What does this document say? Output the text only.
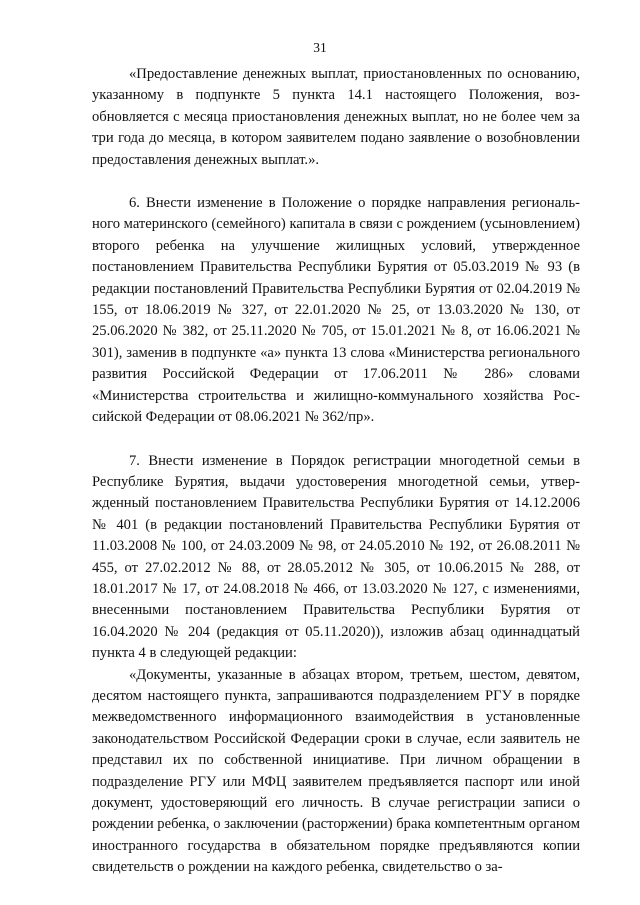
31

«Предоставление денежных выплат, приостановленных по основанию, указанному в подпункте 5 пункта 14.1 настоящего Положения, возобновляется с месяца приостановления денежных выплат, но не более чем за три года до месяца, в котором заявителем подано заявление о возобновлении предоставления денежных выплат.».

6. Внести изменение в Положение о порядке направления регионального материнского (семейного) капитала в связи с рождением (усыновлением) второго ребенка на улучшение жилищных условий, утвержденное постановлением Правительства Республики Бурятия от 05.03.2019 № 93 (в редакции постановлений Правительства Республики Бурятия от 02.04.2019 № 155, от 18.06.2019 № 327, от 22.01.2020 № 25, от 13.03.2020 № 130, от 25.06.2020 № 382, от 25.11.2020 № 705, от 15.01.2021 № 8, от 16.06.2021 № 301), заменив в подпункте «а» пункта 13 слова «Министерства регионального развития Российской Федерации от 17.06.2011 № 286» словами «Министерства строительства и жилищно-коммунального хозяйства Российской Федерации от 08.06.2021 № 362/пр».

7. Внести изменение в Порядок регистрации многодетной семьи в Республике Бурятия, выдачи удостоверения многодетной семьи, утвержденный постановлением Правительства Республики Бурятия от 14.12.2006 № 401 (в редакции постановлений Правительства Республики Бурятия от 11.03.2008 № 100, от 24.03.2009 № 98, от 24.05.2010 № 192, от 26.08.2011 № 455, от 27.02.2012 № 88, от 28.05.2012 № 305, от 10.06.2015 № 288, от 18.01.2017 № 17, от 24.08.2018 № 466, от 13.03.2020 № 127, с изменениями, внесенными постановлением Правительства Республики Бурятия от 16.04.2020 № 204 (редакция от 05.11.2020)), изложив абзац одиннадцатый пункта 4 в следующей редакции:

«Документы, указанные в абзацах втором, третьем, шестом, девятом, десятом настоящего пункта, запрашиваются подразделением РГУ в порядке межведомственного информационного взаимодействия в установленные законодательством Российской Федерации сроки в случае, если заявитель не представил их по собственной инициативе. При личном обращении в подразделение РГУ или МФЦ заявителем предъявляется паспорт или иной документ, удостоверяющий его личность. В случае регистрации записи о рождении ребенка, о заключении (расторжении) брака компетентным органом иностранного государства в обязательном порядке предъявляются копии свидетельств о рождении на каждого ребенка, свидетельство о за-
